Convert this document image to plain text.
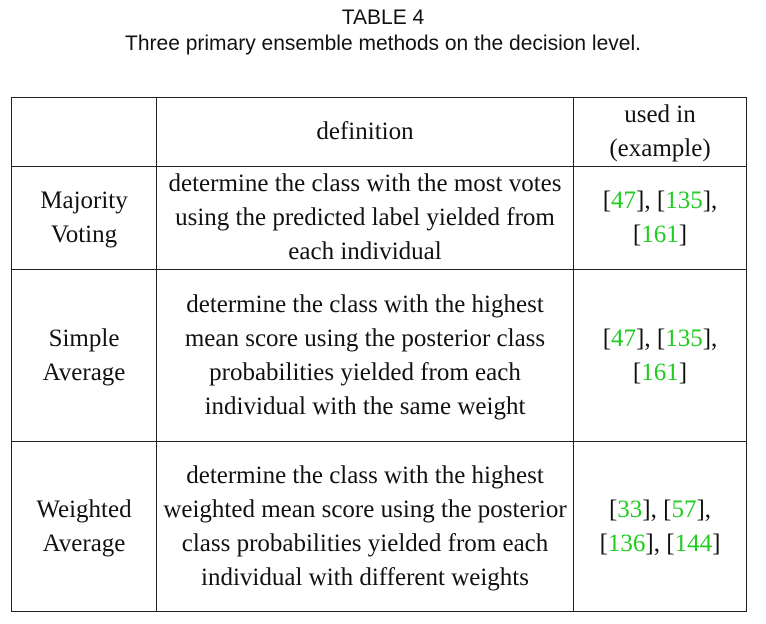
TABLE 4
Three primary ensemble methods on the decision level.
	definition	used in (example)
Majority Voting	determine the class with the most votes using the predicted label yielded from each individual	[47], [135], [161]
Simple Average	determine the class with the highest mean score using the posterior class probabilities yielded from each individual with the same weight	[47], [135], [161]
Weighted Average	determine the class with the highest weighted mean score using the posterior class probabilities yielded from each individual with different weights	[33], [57], [136], [144]
